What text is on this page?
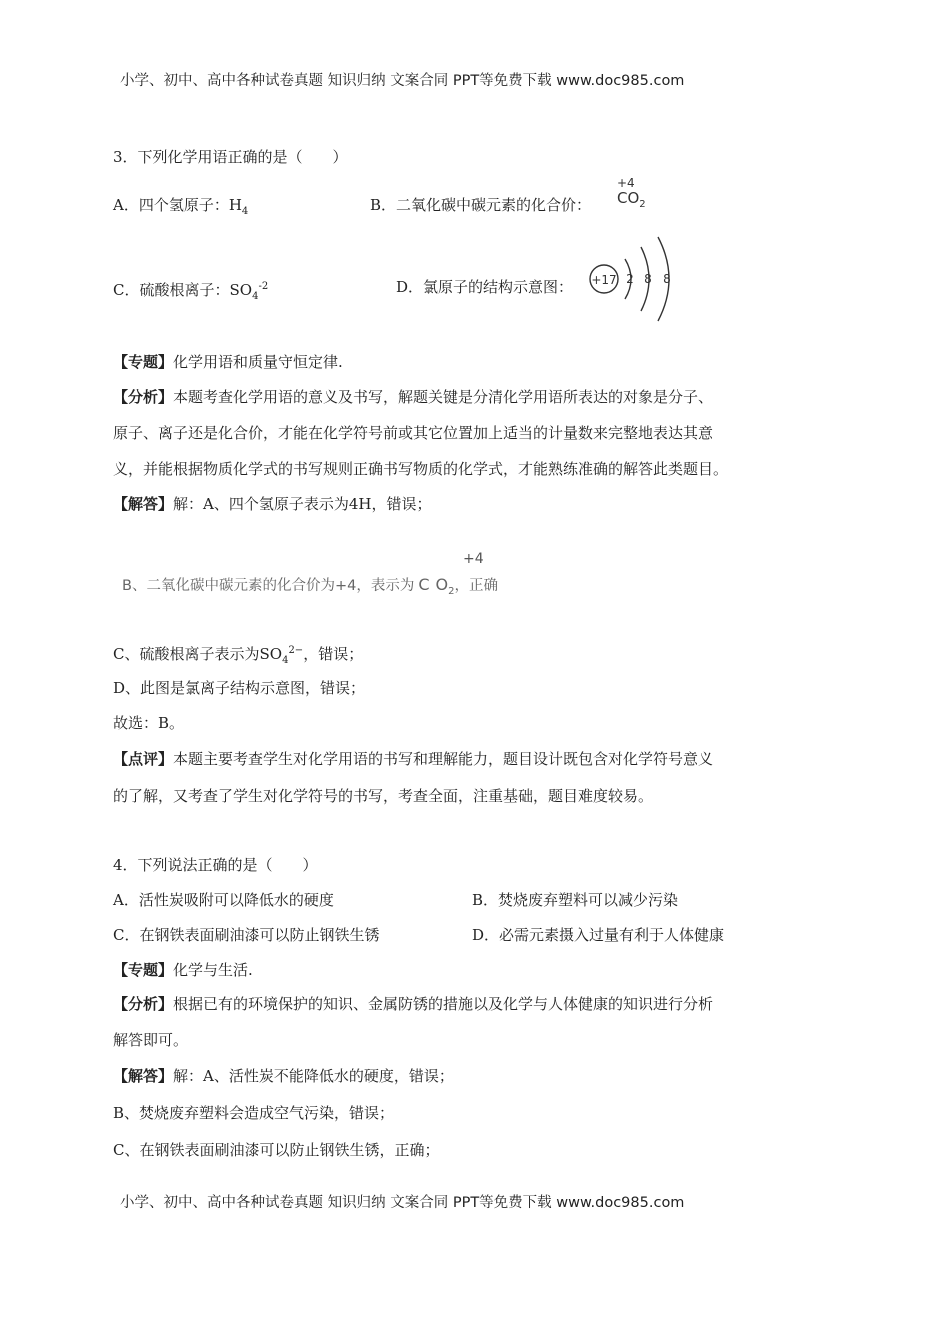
小学、初中、高中各种试卷真题 知识归纳 文案合同 PPT等免费下载 www.doc985.com
3．下列化学用语正确的是（　　）
A．四个氢原子：$H_4$	B．二氧化碳中碳元素的化合价：
+4
$CO_2$
C．硫酸根离子：$SO_4^{-2}$	D．氯原子的结构示意图： +17 2 8 8
【专题】化学用语和质量守恒定律.
【分析】本题考查化学用语的意义及书写，解题关键是分清化学用语所表达的对象是分子、
原子、离子还是化合价，才能在化学符号前或其它位置加上适当的计量数来完整地表达其意
义，并能根据物质化学式的书写规则正确书写物质的化学式，才能熟练准确的解答此类题目。
【解答】解：A、四个氢原子表示为4H，错误；
+4
B、二氧化碳中碳元素的化合价为+4，表示为 C $O_2$，正确
C、硫酸根离子表示为$SO_4^{2-}$，错误；
D、此图是氯离子结构示意图，错误；
故选：B。
【点评】本题主要考查学生对化学用语的书写和理解能力，题目设计既包含对化学符号意义
的了解，又考查了学生对化学符号的书写，考查全面，注重基础，题目难度较易。
4．下列说法正确的是（　　）
A．活性炭吸附可以降低水的硬度	B．焚烧废弃塑料可以减少污染
C．在钢铁表面刷油漆可以防止钢铁生锈	D．必需元素摄入过量有利于人体健康
【专题】化学与生活.
【分析】根据已有的环境保护的知识、金属防锈的措施以及化学与人体健康的知识进行分析
解答即可。
【解答】解：A、活性炭不能降低水的硬度，错误；
B、焚烧废弃塑料会造成空气污染，错误；
C、在钢铁表面刷油漆可以防止钢铁生锈，正确；
小学、初中、高中各种试卷真题 知识归纳 文案合同 PPT等免费下载 www.doc985.com
